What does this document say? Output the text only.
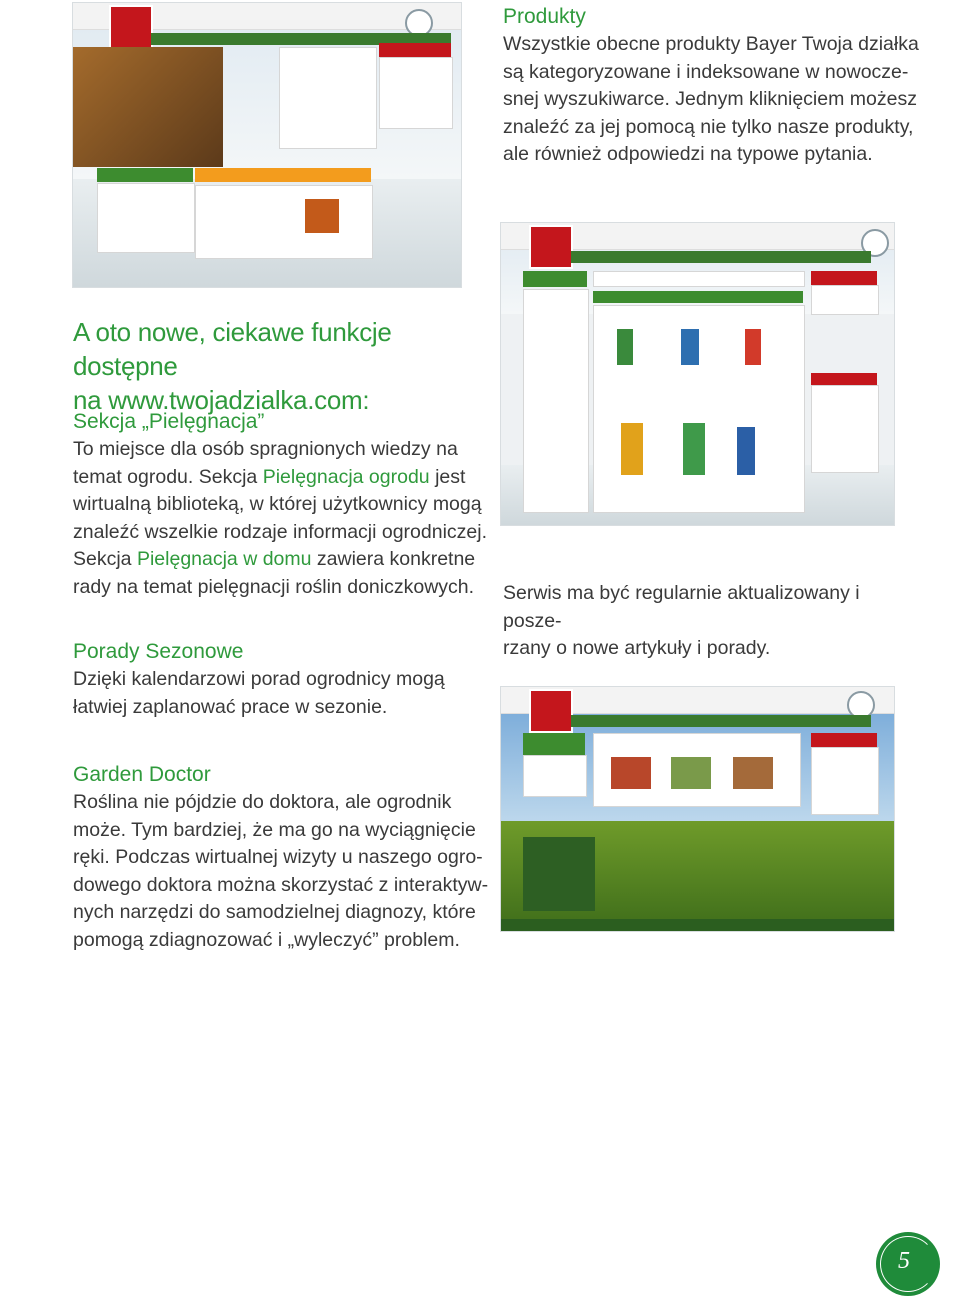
Produkty

Wszystkie obecne produkty Bayer Twoja działka

są kategoryzowane i indeksowane w nowocze-

snej wyszukiwarce. Jednym kliknięciem możesz

znaleźć za jej pomocą nie tylko nasze produkty,

ale również odpowiedzi na typowe pytania.

A oto nowe, ciekawe funkcje dostępne

na www.twojadzialka.com:

Sekcja „Pielęgnacja”

To miejsce dla osób spragnionych wiedzy na

temat ogrodu. Sekcja Pielęgnacja ogrodu jest

wirtualną biblioteką, w której użytkownicy mogą

znaleźć wszelkie rodzaje informacji ogrodniczej.

Sekcja Pielęgnacja w domu zawiera konkretne

rady na temat pielęgnacji roślin doniczkowych.

Porady Sezonowe

Dzięki kalendarzowi porad ogrodnicy mogą

łatwiej zaplanować prace w sezonie.

Garden Doctor

Roślina nie pójdzie do doktora, ale ogrodnik

może. Tym bardziej, że ma go na wyciągnięcie

ręki. Podczas wirtualnej wizyty u naszego ogro-

dowego doktora można skorzystać z interaktyw-

nych narzędzi do samodzielnej diagnozy, które

pomogą zdiagnozować i „wyleczyć” problem.

Serwis ma być regularnie aktualizowany i posze-

rzany o nowe artykuły i porady.

5
